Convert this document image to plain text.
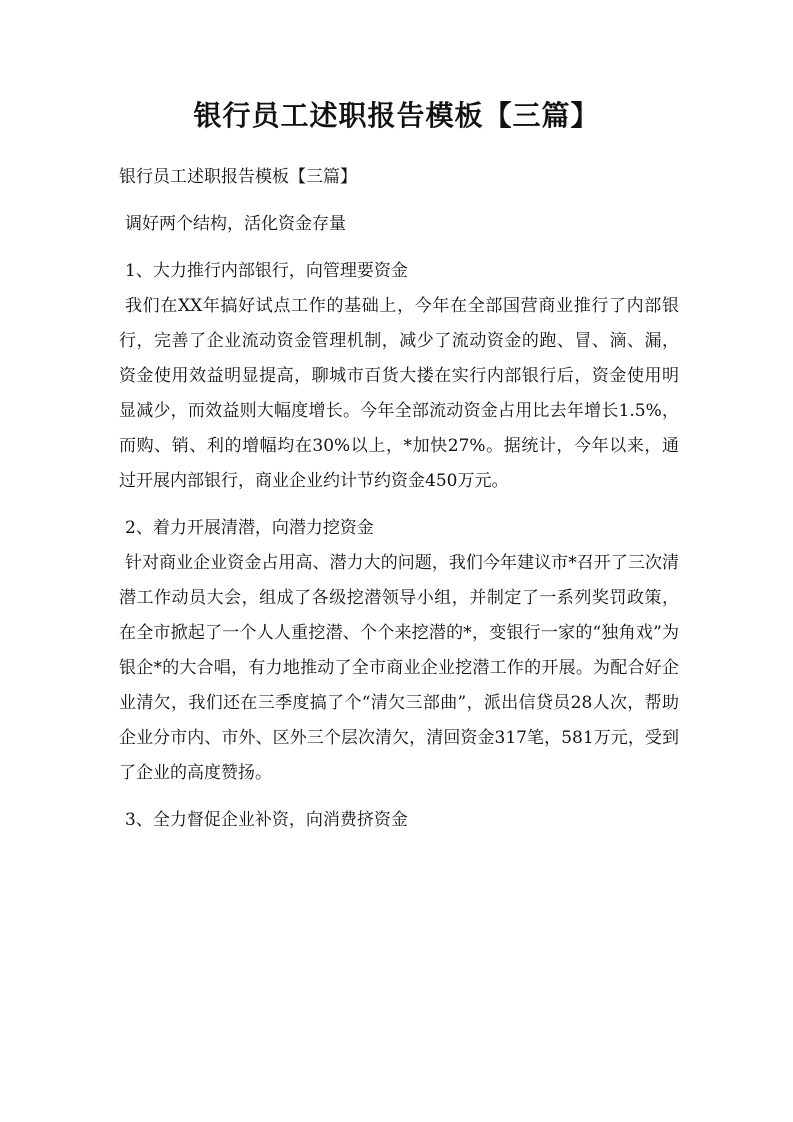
银行员工述职报告模板【三篇】

银行员工述职报告模板【三篇】

调好两个结构，活化资金存量

1、大力推行内部银行，向管理要资金

我们在XX年搞好试点工作的基础上，今年在全部国营商业推行了内部银行，完善了企业流动资金管理机制，减少了流动资金的跑、冒、滴、漏，资金使用效益明显提高，聊城市百货大搂在实行内部银行后，资金使用明显减少，而效益则大幅度增长。今年全部流动资金占用比去年增长1.5%，而购、销、利的增幅均在30%以上，*加快27%。据统计，今年以来，通过开展内部银行，商业企业约计节约资金450万元。

2、着力开展清潜，向潜力挖资金

针对商业企业资金占用高、潜力大的问题，我们今年建议市*召开了三次清潜工作动员大会，组成了各级挖潜领导小组，并制定了一系列奖罚政策，在全市掀起了一个人人重挖潜、个个来挖潜的*，变银行一家的“独角戏”为银企*的大合唱，有力地推动了全市商业企业挖潜工作的开展。为配合好企业清欠，我们还在三季度搞了个“清欠三部曲”，派出信贷员28人次，帮助企业分市内、市外、区外三个层次清欠，清回资金317笔，581万元，受到了企业的高度赞扬。

3、全力督促企业补资，向消费挤资金
